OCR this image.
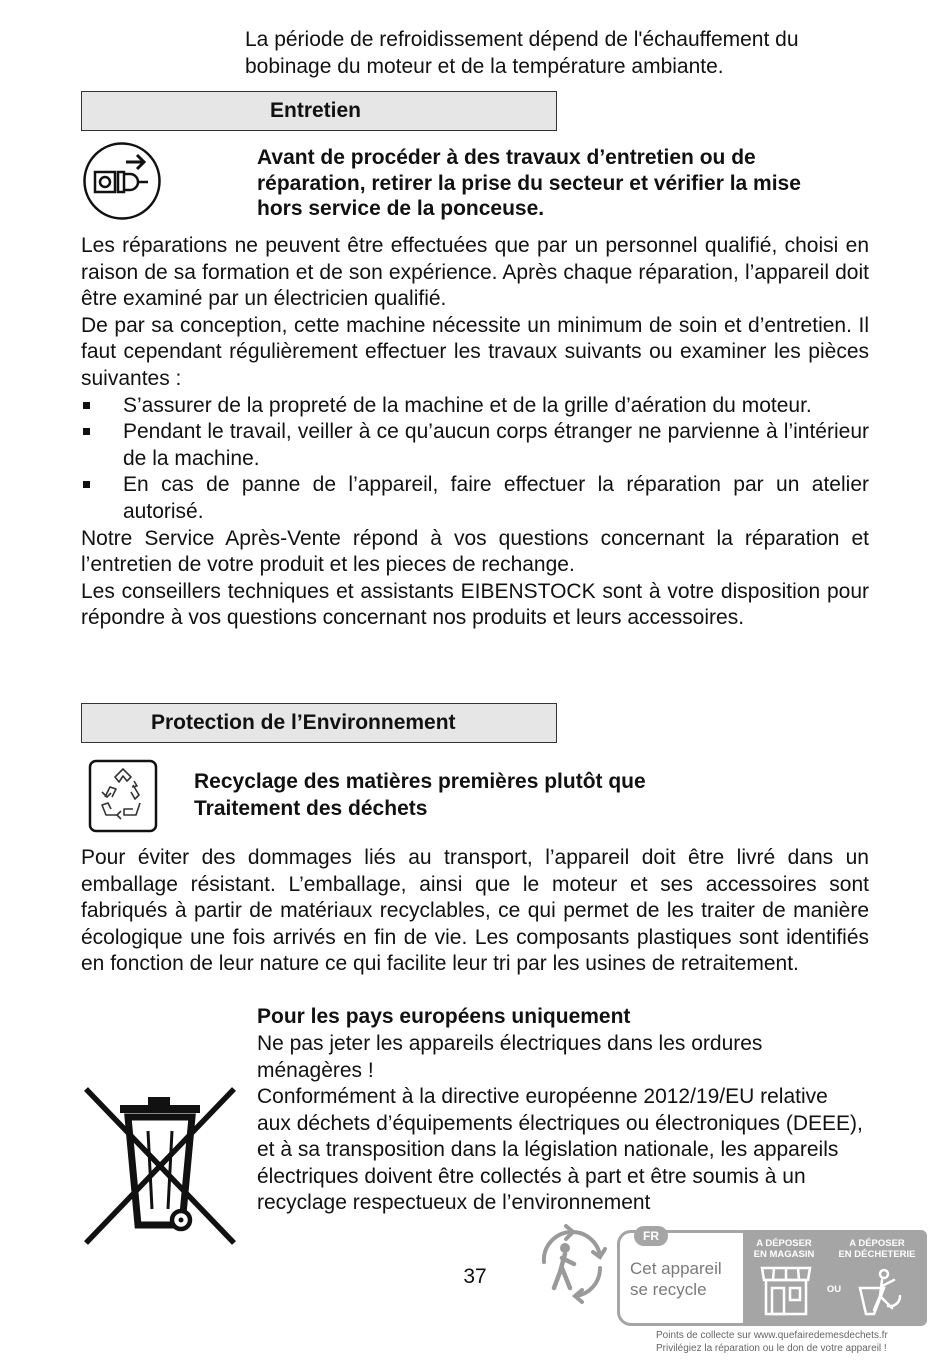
La période de refroidissement dépend de l'échauffement du bobinage du moteur et de la température ambiante.
Entretien
Avant de procéder à des travaux d’entretien ou de réparation, retirer la prise du secteur et vérifier la mise hors service de la ponceuse.
Les réparations ne peuvent être effectuées que par un personnel qualifié, choisi en raison de sa formation et de son expérience. Après chaque réparation, l’appareil doit être examiné par un électricien qualifié.
De par sa conception, cette machine nécessite un minimum de soin et d’entretien. Il faut cependant régulièrement effectuer les travaux suivants ou examiner les pièces suivantes :
S’assurer de la propreté de la machine et de la grille d’aération du moteur.
Pendant le travail, veiller à ce qu’aucun corps étranger ne parvienne à l’intérieur de la machine.
En cas de panne de l’appareil, faire effectuer la réparation par un atelier autorisé.
Notre Service Après-Vente répond à vos questions concernant la réparation et l’entretien de votre produit et les pieces de rechange.
Les conseillers techniques et assistants EIBENSTOCK sont à votre disposition pour répondre à vos questions concernant nos produits et leurs accessoires.
Protection de l’Environnement
Recyclage des matières premières plutôt que
Traitement des déchets
Pour éviter des dommages liés au transport, l’appareil doit être livré dans un emballage résistant. L’emballage, ainsi que le moteur et ses accessoires sont fabriqués à partir de matériaux recyclables, ce qui permet de les traiter de manière écologique une fois arrivés en fin de vie. Les composants plastiques sont identifiés en fonction de leur nature ce qui facilite leur tri par les usines de retraitement.
Pour les pays européens uniquement
Ne pas jeter les appareils électriques dans les ordures ménagères !
Conformément à la directive européenne 2012/19/EU relative aux déchets d’équipements électriques ou électroniques (DEEE), et à sa transposition dans la législation nationale, les appareils électriques doivent être collectés à part et être soumis à un recyclage respectueux de l’environnement
37
FR
Cet appareil
se recycle
A DÉPOSER
EN MAGASIN
OU
A DÉPOSER
EN DÉCHETERIE
Points de collecte sur www.quefairedemesdechets.fr
Privilégiez la réparation ou le don de votre appareil !
